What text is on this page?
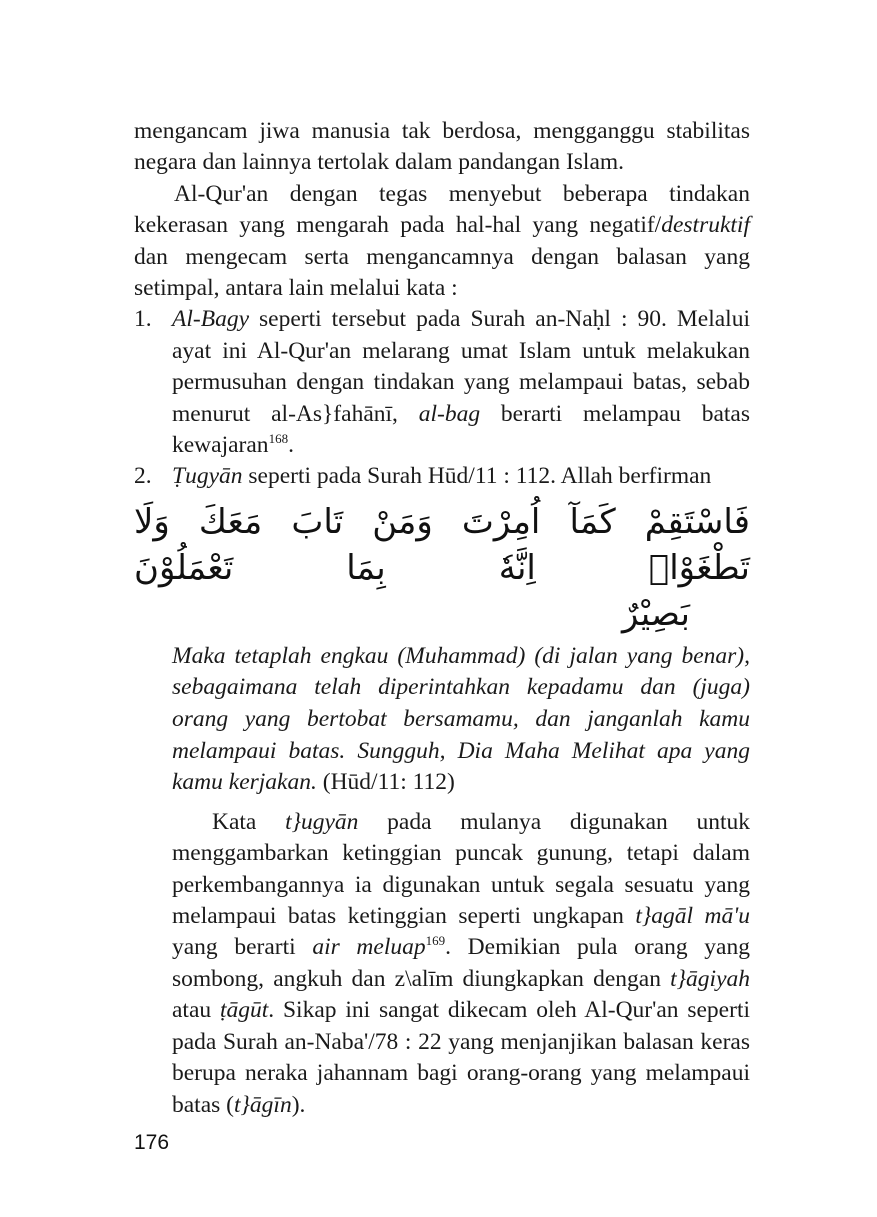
mengancam jiwa manusia tak berdosa, mengganggu stabilitas negara dan lainnya tertolak dalam pandangan Islam.

Al-Qur'an dengan tegas menyebut beberapa tindakan kekerasan yang mengarah pada hal-hal yang negatif/destruktif dan mengecam serta mengancamnya dengan balasan yang setimpal, antara lain melalui kata :

1. Al-Bagy seperti tersebut pada Surah an-Naḥl : 90. Melalui ayat ini Al-Qur'an melarang umat Islam untuk melakukan permusuhan dengan tindakan yang melampaui batas, sebab menurut al-As}fahānī, al-bag berarti melampau batas kewajaran$^{168}$.
2. Ṭugyān seperti pada Surah Hūd/11 : 112. Allah berfirman
فَاسْتَقِمْ كَمَآ اُمِرْتَ وَمَنْ تَابَ مَعَكَ وَلَا تَطْغَوْاۗ اِنَّهٗ بِمَا تَعْمَلُوْنَ
بَصِيْرٌ

Maka tetaplah engkau (Muhammad) (di jalan yang benar), sebagaimana telah diperintahkan kepadamu dan (juga) orang yang bertobat bersamamu, dan janganlah kamu melampaui batas. Sungguh, Dia Maha Melihat apa yang kamu kerjakan. (Hūd/11: 112)

Kata t}ugyān pada mulanya digunakan untuk menggambarkan ketinggian puncak gunung, tetapi dalam perkembangannya ia digunakan untuk segala sesuatu yang melampaui batas ketinggian seperti ungkapan t}agāl mā'u yang berarti air meluap$^{169}$. Demikian pula orang yang sombong, angkuh dan z\alīm diungkapkan dengan t}āgiyah atau ṭāgūt. Sikap ini sangat dikecam oleh Al-Qur'an seperti pada Surah an-Naba'/78 : 22 yang menjanjikan balasan keras berupa neraka jahannam bagi orang-orang yang melampaui batas (t}āgīn).

176
